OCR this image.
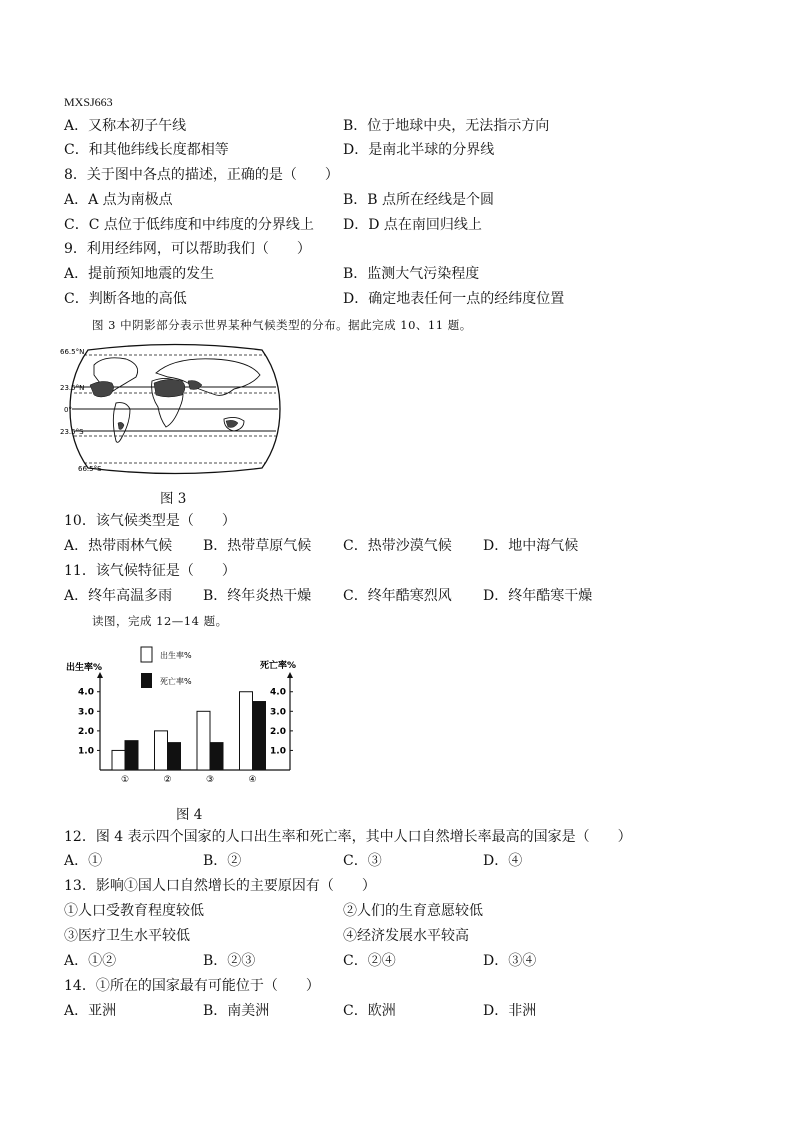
MXSJ663
A．又称本初子午线	B．位于地球中央，无法指示方向
C．和其他纬线长度都相等	D．是南北半球的分界线
8．关于图中各点的描述，正确的是（　　）
A．A 点为南极点	B．B 点所在经线是个圆
C．C 点位于低纬度和中纬度的分界线上 D．D 点在南回归线上
9．利用经纬网，可以帮助我们（　　）
A．提前预知地震的发生	B．监测大气污染程度
C．判断各地的高低	D．确定地表任何一点的经纬度位置
图 3 中阴影部分表示世界某种气候类型的分布。据此完成 10、11 题。
66.5°N
23.5°N
0°
23.5°S
66.5°S
图 3
10．该气候类型是（　　）
A．热带雨林气候 B．热带草原气候 C．热带沙漠气候 D．地中海气候
11．该气候特征是（　　）
A．终年高温多雨 B．终年炎热干燥 C．终年酷寒烈风 D．终年酷寒干燥
读图，完成 12—14 题。
出生率%	死亡率%
出生率%
死亡率%
1.0	1.0
2.0	2.0
3.0	3.0
4.0	4.0
①	②	③	④
图 4
12．图 4 表示四个国家的人口出生率和死亡率，其中人口自然增长率最高的国家是（　　）
A．①	B．②	C．③	D．④
13．影响①国人口自然增长的主要原因有（　　）
①人口受教育程度较低	②人们的生育意愿较低
③医疗卫生水平较低	④经济发展水平较高
A．①②	B．②③	C．②④	D．③④
14．①所在的国家最有可能位于（　　）
A．亚洲	B．南美洲	C．欧洲	D．非洲
